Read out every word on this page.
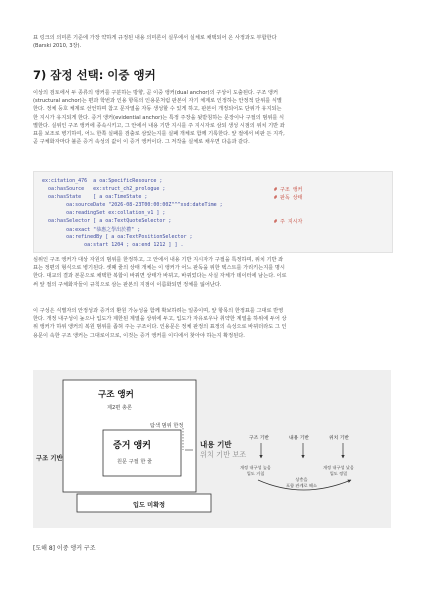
표 링크의 의미론 기준에 가장 약하게 규정된 내용 의미론이 실무에서 실체로 채택되어 온 사정과도 부합한다
(Barski 2010, 3장).

7) 잠정 선택: 이중 앵커

이상의 검토에서 두 종류의 앵커를 구분하는 방향, 곧 이중 앵커(dual anchor)의 구상이 도출된다. 구조 앵커
(structural anchor)는 편과 학번과 인용 항목의 인용문처럼 판본이 자기 체계로 인정하는 안정적 단위를 식별
한다. 정체 등호 체계로 선언하며 참고 문자열을 자동 생성할 수 있게 하고, 판본이 개정되어도 단위가 유지되는
한 지시가 유지되게 한다. 증거 앵커(evidential anchor)는 특정 주장을 뒷받침하는 문장이나 구절의 범위를 식
별한다. 실위인 구조 앵커에 종속시키고, 그 안에서 내용 기반 지시를 주 지시자로 삼되 생성 시점의 위치 기반 좌
표를 보조로 병기하여, 어느 한쪽 실패를 검출로 삼았는지를 실패 개체로 함께 기록한다. 앞 절에서 비판 든 지각,
곧 구체화자마다 불준 증거 속성의 값이 이 증거 앵커이다. 그 저작을 실체로 채우면 다음과 같다.

ex:citation_476  a oa:SpecificResource ;
oa:hasSource   ex:struct_ch2_prologue ;	# 구조 앵커
oa:hasState    [ a oa:TimeState ;	# 판독 상태
oa:sourceDate "2026-08-23T00:00:00Z"^^xsd:dateTime ;
oa:readingSet ex:collation_v1 ] ;
oa:hasSelector [ a oa:TextQuoteSelector ;	# 주 지시자
oa:exact "恭惠之學出於禮" ;
oa:refinedBy [ a oa:TextPositionSelector ;
oa:start 1204 ; oa:end 1212 ] ] .

심위인 구조 앵커가 대상 자원의 범위를 한정하고, 그 안에서 내용 기반 지시자가 구절을 특정하며, 위치 기반 좌
표는 정편의 형식으로 병기된다. 셋째 줄의 상태 개체는 이 앵커가 어느 판독을 위한 텍스트를 가리키는지를 명시
한다. 대교의 결과 본문으로 채택한 복합이 바뀌면 상태가 바뀌고, 바뀌었다는 사실 자체가 데이터에 남는다. 이로
써 앞 절의 구체화자들이 규칙으로 삼는 판본의 지점이 이름화되면 정체를 잃어난다.

이 구성은 식별자의 안정성과 증거의 환원 가능성을 함께 확보하려는 일종이며, 앞 항목의 한정표를 그대로 반영
한다. 개정 내구성이 높으나 입도가 제한된 계열을 상위에 두고, 입도가 자유로우나 취약한 계열을 하위에 두어 상
위 앵커가 하위 앵커의 복원 범위를 좁혀 주는 구조이다. 인용문은 정체 판정의 표정의 속성으로 바뀌더라도 그 인
용문이 속한 구조 앵커는 그대로이므로, 이것는 증거 앵커를 이디에서 찾아야 하는지 확정된다.

구조 기반
구조 앵커
제2편 총론
탐색 범위 한정
증거 앵커
원문 구절 한 줄
입도 미확정
내용 기반
위치 기반 보조
구조 기반	내용 기반	위치 기반
개정 내구성 높음
입도 거칠
상충을
포함 관계로 해소
개정 내구성 낮음
입도 정밀
[도해 8] 이중 앵커 구조
